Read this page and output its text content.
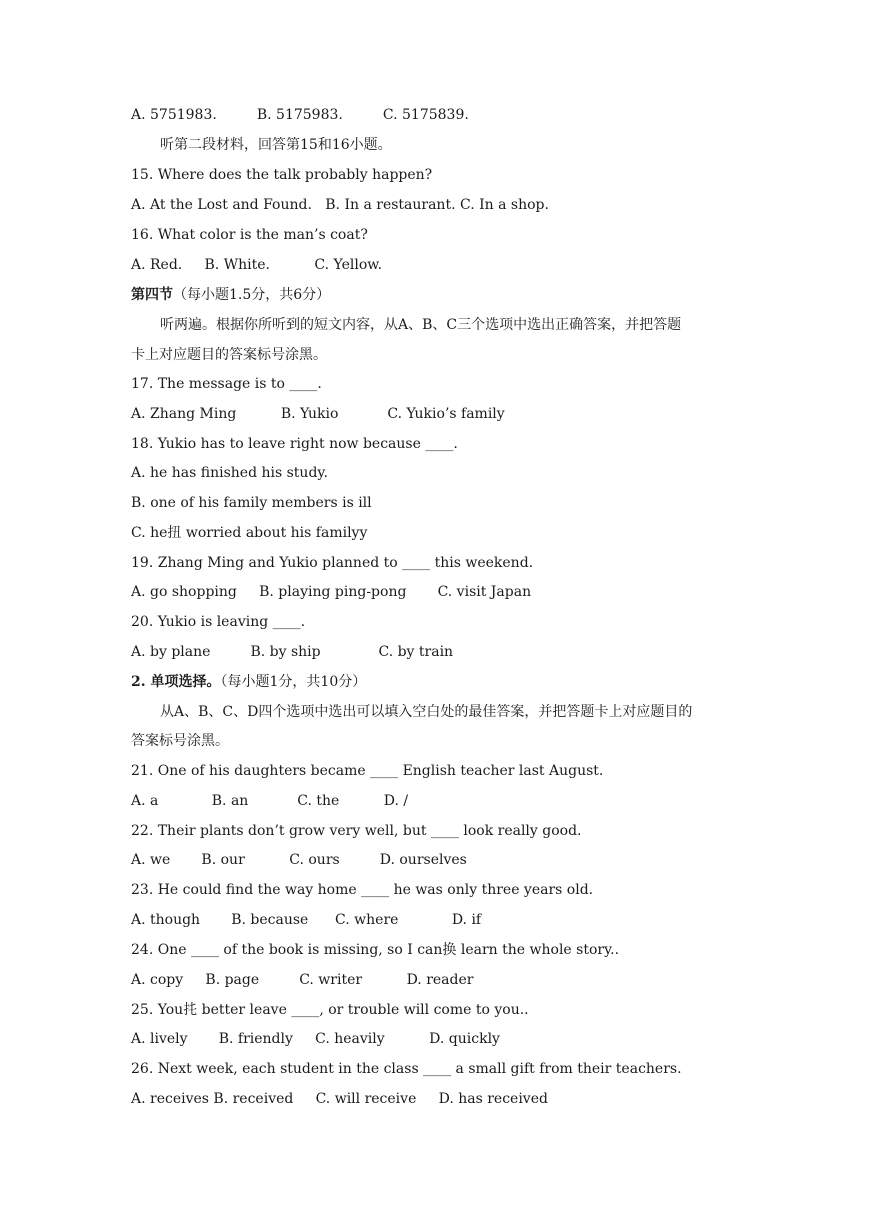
A. 5751983.         B. 5175983.         C. 5175839.
听第二段材料，回答第15和16小题。
15. Where does the talk probably happen?
A. At the Lost and Found.   B. In a restaurant. C. In a shop.
16. What color is the man’s coat?
A. Red.     B. White.          C. Yellow.
第四节（每小题1.5分，共6分）
听两遍。根据你所听到的短文内容，从A、B、C三个选项中选出正确答案，并把答题
卡上对应题目的答案标号涂黑。
17. The message is to ____.
A. Zhang Ming          B. Yukio           C. Yukio’s family
18. Yukio has to leave right now because ____.
A. he has finished his study.
B. one of his family members is ill
C. he扭 worried about his familyy
19. Zhang Ming and Yukio planned to ____ this weekend.
A. go shopping     B. playing ping-pong       C. visit Japan
20. Yukio is leaving ____.
A. by plane         B. by ship             C. by train
2. 单项选择。（每小题1分，共10分）
从A、B、C、D四个选项中选出可以填入空白处的最佳答案，并把答题卡上对应题目的
答案标号涂黑。
21. One of his daughters became ____ English teacher last August.
A. a            B. an           C. the          D. /
22. Their plants don’t grow very well, but ____ look really good.
A. we       B. our          C. ours         D. ourselves
23. He could find the way home ____ he was only three years old.
A. though       B. because      C. where            D. if
24. One ____ of the book is missing, so I can换 learn the whole story..
A. copy     B. page         C. writer          D. reader
25. You扥 better leave ____, or trouble will come to you..
A. lively       B. friendly     C. heavily          D. quickly
26. Next week, each student in the class ____ a small gift from their teachers.
A. receives B. received     C. will receive     D. has received
